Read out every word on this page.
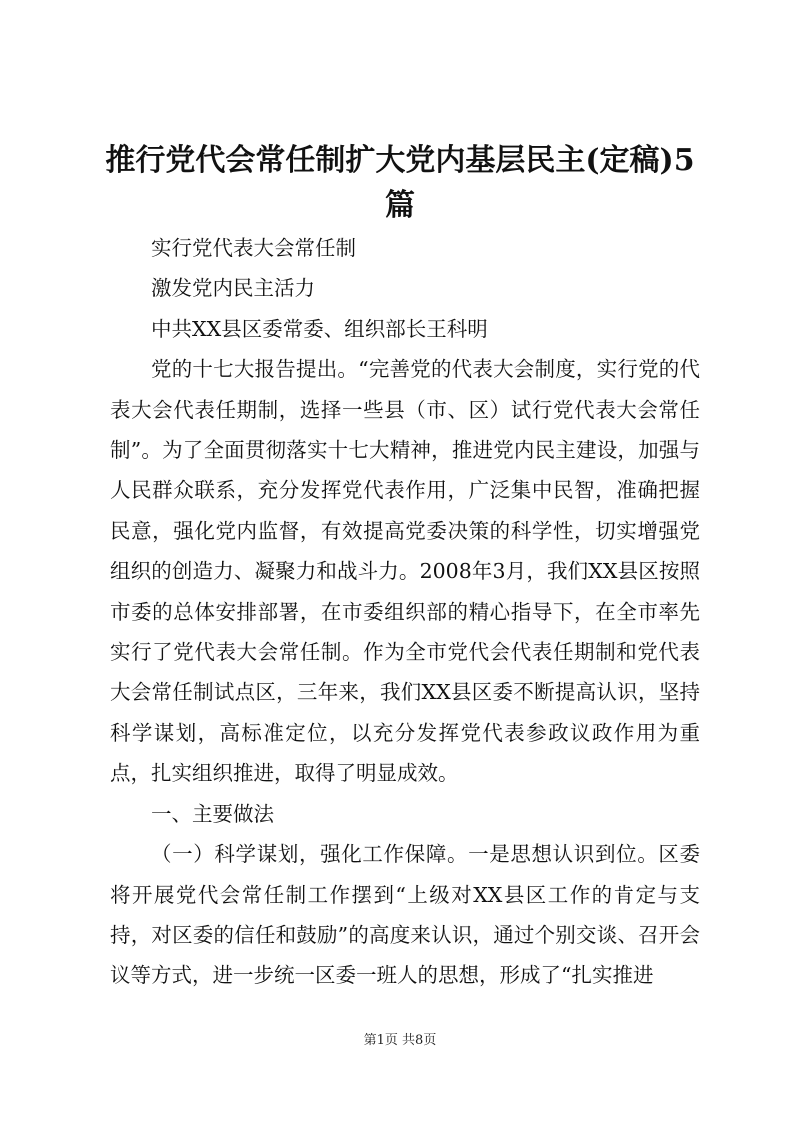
推行党代会常任制扩大党内基层民主(定稿)5篇

实行党代表大会常任制

激发党内民主活力

中共XX县区委常委、组织部长王科明

党的十七大报告提出。“完善党的代表大会制度，实行党的代表大会代表任期制，选择一些县（市、区）试行党代表大会常任制”。为了全面贯彻落实十七大精神，推进党内民主建设，加强与人民群众联系，充分发挥党代表作用，广泛集中民智，准确把握民意，强化党内监督，有效提高党委决策的科学性，切实增强党组织的创造力、凝聚力和战斗力。2008年3月，我们XX县区按照市委的总体安排部署，在市委组织部的精心指导下，在全市率先实行了党代表大会常任制。作为全市党代会代表任期制和党代表大会常任制试点区，三年来，我们XX县区委不断提高认识，坚持科学谋划，高标准定位，以充分发挥党代表参政议政作用为重点，扎实组织推进，取得了明显成效。

一、主要做法

（一）科学谋划，强化工作保障。一是思想认识到位。区委将开展党代会常任制工作摆到“上级对XX县区工作的肯定与支持，对区委的信任和鼓励”的高度来认识，通过个别交谈、召开会议等方式，进一步统一区委一班人的思想，形成了“扎实推进

第1页 共8页
